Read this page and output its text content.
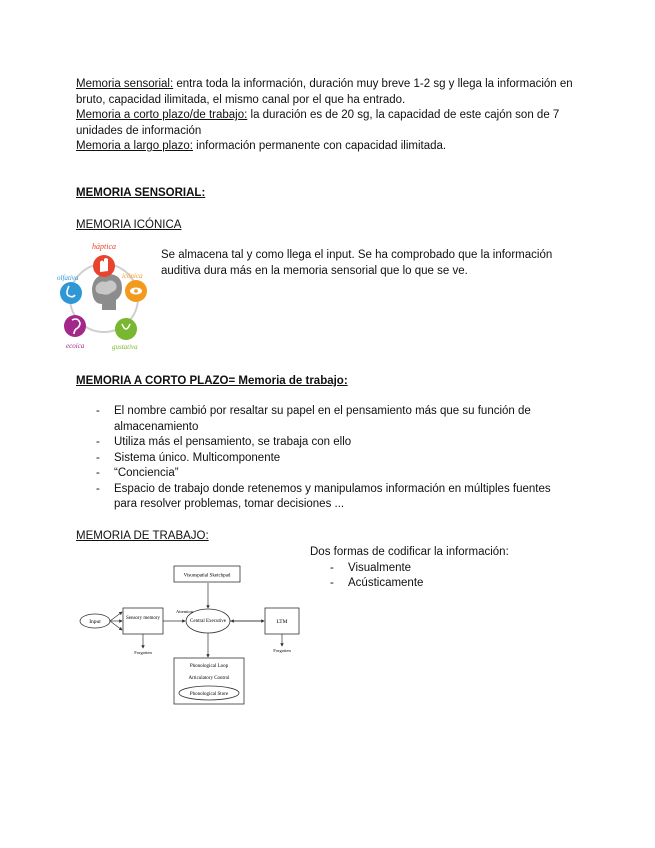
Memoria sensorial: entra toda la información, duración muy breve 1-2 sg y llega la información en bruto, capacidad ilimitada, el mismo canal por el que ha entrado.

Memoria a corto plazo/de trabajo: la duración es de 20 sg, la capacidad de este cajón son de 7 unidades de información

Memoria a largo plazo: información permanente con capacidad ilimitada.

MEMORIA SENSORIAL:
MEMORIA ICÓNICA
háptica
olfativa	icónica
ecoica	gustativa
Se almacena tal y como llega el input. Se ha comprobado que la información auditiva dura más en la memoria sensorial que lo que se ve.
MEMORIA A CORTO PLAZO= Memoria de trabajo:
- El nombre cambió por resaltar su papel en el pensamiento más que su función de almacenamiento
- Utiliza más el pensamiento, se trabaja con ello
- Sistema único. Multicomponente
- “Conciencia”
- Espacio de trabajo donde retenemos y manipulamos información en múltiples fuentes para resolver problemas, tomar decisiones ...
MEMORIA DE TRABAJO:

Dos formas de codificar la información:

- Visualmente
- Acústicamente
Visuospatial Sketchpad
Input
Sensory memory
Central Executive	LTM
Phonological Loop
Articulatory Control
Phonological Store
Attention
Forgotten	Forgotten
